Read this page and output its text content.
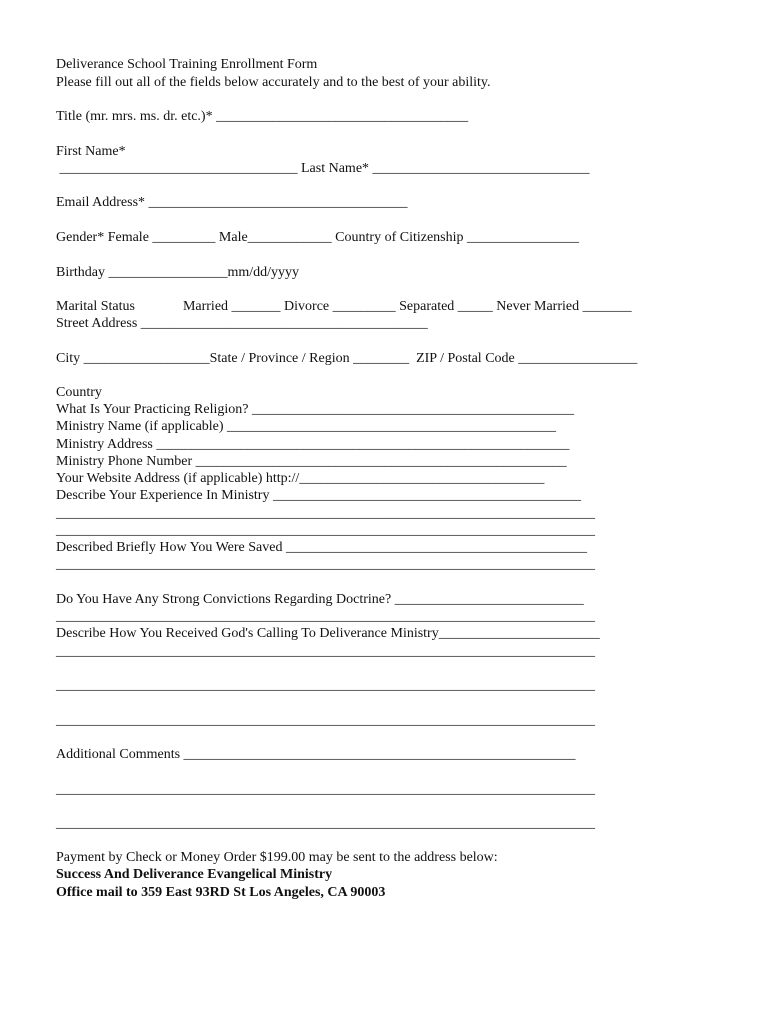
Deliverance School Training Enrollment Form
Please fill out all of the fields below accurately and to the best of your ability.
Title (mr. mrs. ms. dr. etc.)* ____________________________________
First Name*
__________________________________ Last Name* _______________________________
Email Address* _____________________________________
Gender* Female _________ Male____________ Country of Citizenship ________________
Birthday _________________mm/dd/yyyy
Marital Status	Married _______ Divorce _________ Separated _____ Never Married _______
Street Address _________________________________________
City __________________State / Province / Region ________  ZIP / Postal Code _________________
Country
What Is Your Practicing Religion? ______________________________________________
Ministry Name (if applicable) _______________________________________________
Ministry Address ___________________________________________________________
Ministry Phone Number _____________________________________________________
Your Website Address (if applicable) http://___________________________________
Describe Your Experience In Ministry ____________________________________________
_____________________________________________________________________________
_____________________________________________________________________________
Described Briefly How You Were Saved ___________________________________________
_____________________________________________________________________________
Do You Have Any Strong Convictions Regarding Doctrine? ___________________________
_____________________________________________________________________________
Describe How You Received God's Calling To Deliverance Ministry_______________________
_____________________________________________________________________________
_____________________________________________________________________________
_____________________________________________________________________________
Additional Comments ________________________________________________________
_____________________________________________________________________________
_____________________________________________________________________________
Payment by Check or Money Order $199.00 may be sent to the address below:
Success And Deliverance Evangelical Ministry
Office mail to 359 East 93RD St Los Angeles, CA 90003
